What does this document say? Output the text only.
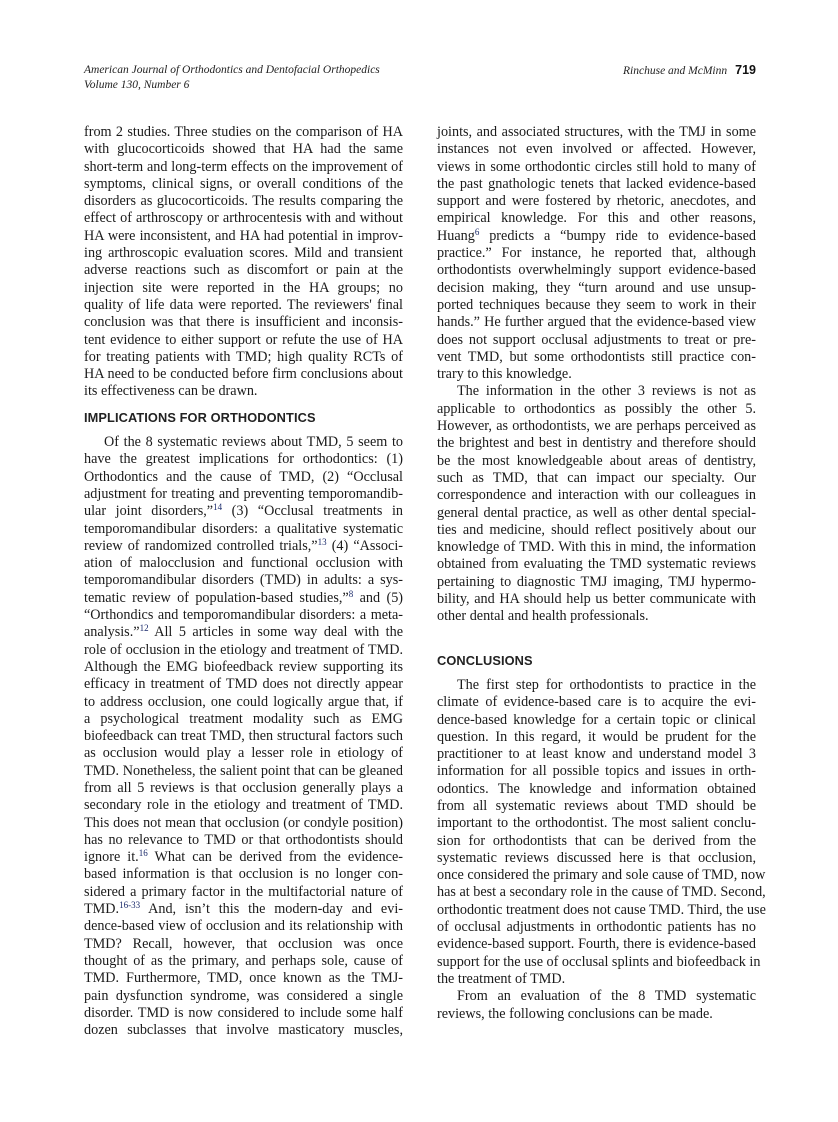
American Journal of Orthodontics and Dentofacial Orthopedics
Volume 130, Number 6
Rinchuse and McMinn 719
from 2 studies. Three studies on the comparison of HA
with glucocorticoids showed that HA had the same
short-term and long-term effects on the improvement of
symptoms, clinical signs, or overall conditions of the
disorders as glucocorticoids. The results comparing the
effect of arthroscopy or arthrocentesis with and without
HA were inconsistent, and HA had potential in improv-
ing arthroscopic evaluation scores. Mild and transient
adverse reactions such as discomfort or pain at the
injection site were reported in the HA groups; no
quality of life data were reported. The reviewers' final
conclusion was that there is insufficient and inconsis-
tent evidence to either support or refute the use of HA
for treating patients with TMD; high quality RCTs of
HA need to be conducted before firm conclusions about
its effectiveness can be drawn.
IMPLICATIONS FOR ORTHODONTICS
Of the 8 systematic reviews about TMD, 5 seem to
have the greatest implications for orthodontics: (1)
Orthodontics and the cause of TMD, (2) “Occlusal
adjustment for treating and preventing temporomandib-
ular joint disorders,”$^{14}$ (3) “Occlusal treatments in
temporomandibular disorders: a qualitative systematic
review of randomized controlled trials,”$^{13}$ (4) “Associ-
ation of malocclusion and functional occlusion with
temporomandibular disorders (TMD) in adults: a sys-
tematic review of population-based studies,”$^8$ and (5)
“Orthondics and temporomandibular disorders: a meta-
analysis.”$^{12}$ All 5 articles in some way deal with the
role of occlusion in the etiology and treatment of TMD.
Although the EMG biofeedback review supporting its
efficacy in treatment of TMD does not directly appear
to address occlusion, one could logically argue that, if
a psychological treatment modality such as EMG
biofeedback can treat TMD, then structural factors such
as occlusion would play a lesser role in etiology of
TMD. Nonetheless, the salient point that can be gleaned
from all 5 reviews is that occlusion generally plays a
secondary role in the etiology and treatment of TMD.
This does not mean that occlusion (or condyle position)
has no relevance to TMD or that orthodontists should
ignore it.$^{16}$ What can be derived from the evidence-
based information is that occlusion is no longer con-
sidered a primary factor in the multifactorial nature of
TMD.$^{16-33}$ And, isn’t this the modern-day and evi-
dence-based view of occlusion and its relationship with
TMD? Recall, however, that occlusion was once
thought of as the primary, and perhaps sole, cause of
TMD. Furthermore, TMD, once known as the TMJ-
pain dysfunction syndrome, was considered a single
disorder. TMD is now considered to include some half
dozen subclasses that involve masticatory muscles,
joints, and associated structures, with the TMJ in some
instances not even involved or affected. However,
views in some orthodontic circles still hold to many of
the past gnathologic tenets that lacked evidence-based
support and were fostered by rhetoric, anecdotes, and
empirical knowledge. For this and other reasons,
Huang$^6$ predicts a “bumpy ride to evidence-based
practice.” For instance, he reported that, although
orthodontists overwhelmingly support evidence-based
decision making, they “turn around and use unsup-
ported techniques because they seem to work in their
hands.” He further argued that the evidence-based view
does not support occlusal adjustments to treat or pre-
vent TMD, but some orthodontists still practice con-
trary to this knowledge.
The information in the other 3 reviews is not as
applicable to orthodontics as possibly the other 5.
However, as orthodontists, we are perhaps perceived as
the brightest and best in dentistry and therefore should
be the most knowledgeable about areas of dentistry,
such as TMD, that can impact our specialty. Our
correspondence and interaction with our colleagues in
general dental practice, as well as other dental special-
ties and medicine, should reflect positively about our
knowledge of TMD. With this in mind, the information
obtained from evaluating the TMD systematic reviews
pertaining to diagnostic TMJ imaging, TMJ hypermo-
bility, and HA should help us better communicate with
other dental and health professionals.
CONCLUSIONS
The first step for orthodontists to practice in the
climate of evidence-based care is to acquire the evi-
dence-based knowledge for a certain topic or clinical
question. In this regard, it would be prudent for the
practitioner to at least know and understand model 3
information for all possible topics and issues in orth-
odontics. The knowledge and information obtained
from all systematic reviews about TMD should be
important to the orthodontist. The most salient conclu-
sion for orthodontists that can be derived from the
systematic reviews discussed here is that occlusion,
once considered the primary and sole cause of TMD, now
has at best a secondary role in the cause of TMD. Second,
orthodontic treatment does not cause TMD. Third, the use
of occlusal adjustments in orthodontic patients has no
evidence-based support. Fourth, there is evidence-based
support for the use of occlusal splints and biofeedback in
the treatment of TMD.
From an evaluation of the 8 TMD systematic
reviews, the following conclusions can be made.
